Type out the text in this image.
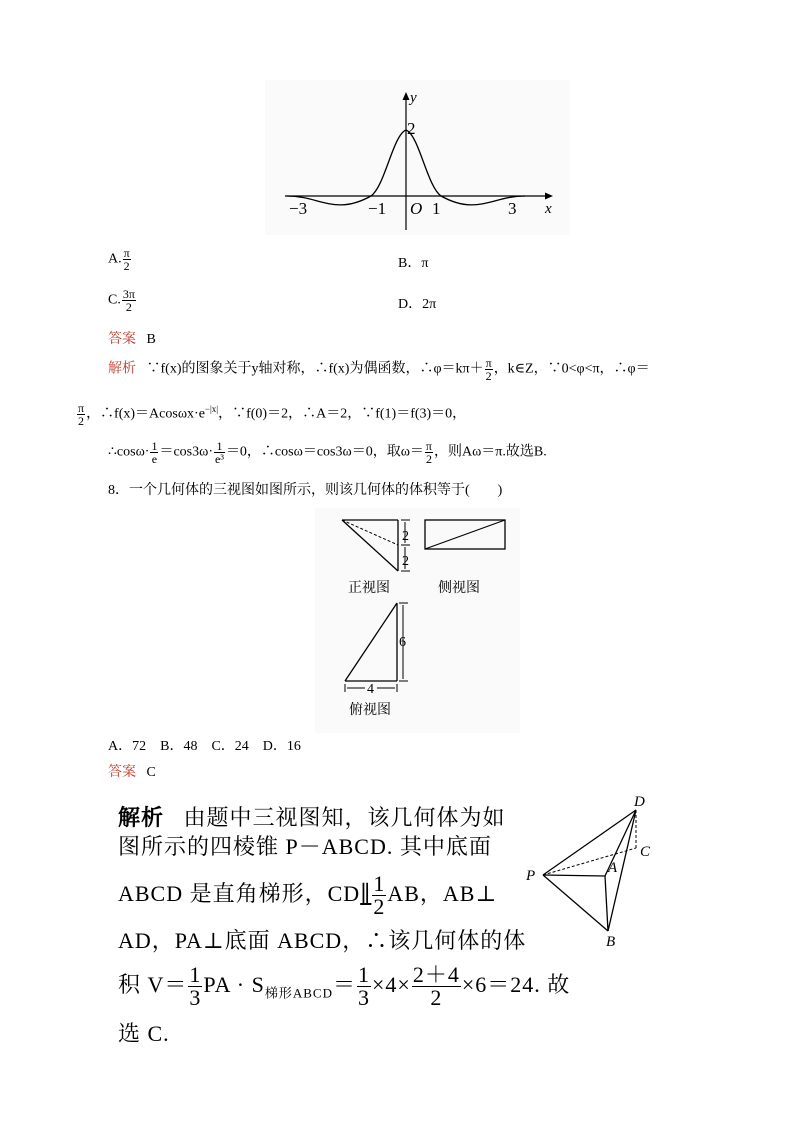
y
x
2
O
−3	−1	1	3
A. $\frac{\pi}{2}$	B．π
C. $\frac{3\pi}{2}$	D．2π
答案 B
解析 ∵f(x)的图象关于y轴对称，∴f(x)为偶函数，∴φ＝kπ＋ $\frac{\pi}{2}$ ，k∈Z，∵0<φ<π，∴φ＝
$\frac{\pi}{2}$ ，$\therefore f(x)=Acos\omega x\cdot e^{-|x|}$，∵f(0)＝2，∴A＝2，∵f(1)＝f(3)＝0，
∴cosω· $\frac{1}{e} =\cos 3\omega\cdot \frac{1}{\text{e³}} =0$，∴cosω＝cos3ω＝0，取$\omega= \frac{\pi}{2}$ ，则Aω＝π.故选B.
8．一个几何体的三视图如图所示，则该几何体的体积等于(　　)
2
2
正视图	侧视图
6
4
俯视图
A．72　B．48　C．24　D．16
答案 C
解析 由题中三视图知，该几何体为如
图所示的四棱锥 P－ABCD. 其中底面
ABCD 是直角梯形，CD∥ $\frac{1}{2}$ AB，AB⊥
AD，PA⊥底面 ABCD，∴该几何体的体
积 $V= \frac{1}{3}$ PA · $S_{梯形ABCD}= \frac{1}{3} \times 4\times \frac{2+4}{2} \times 6=24$. 故
选 C.
D
C
P	A
B
